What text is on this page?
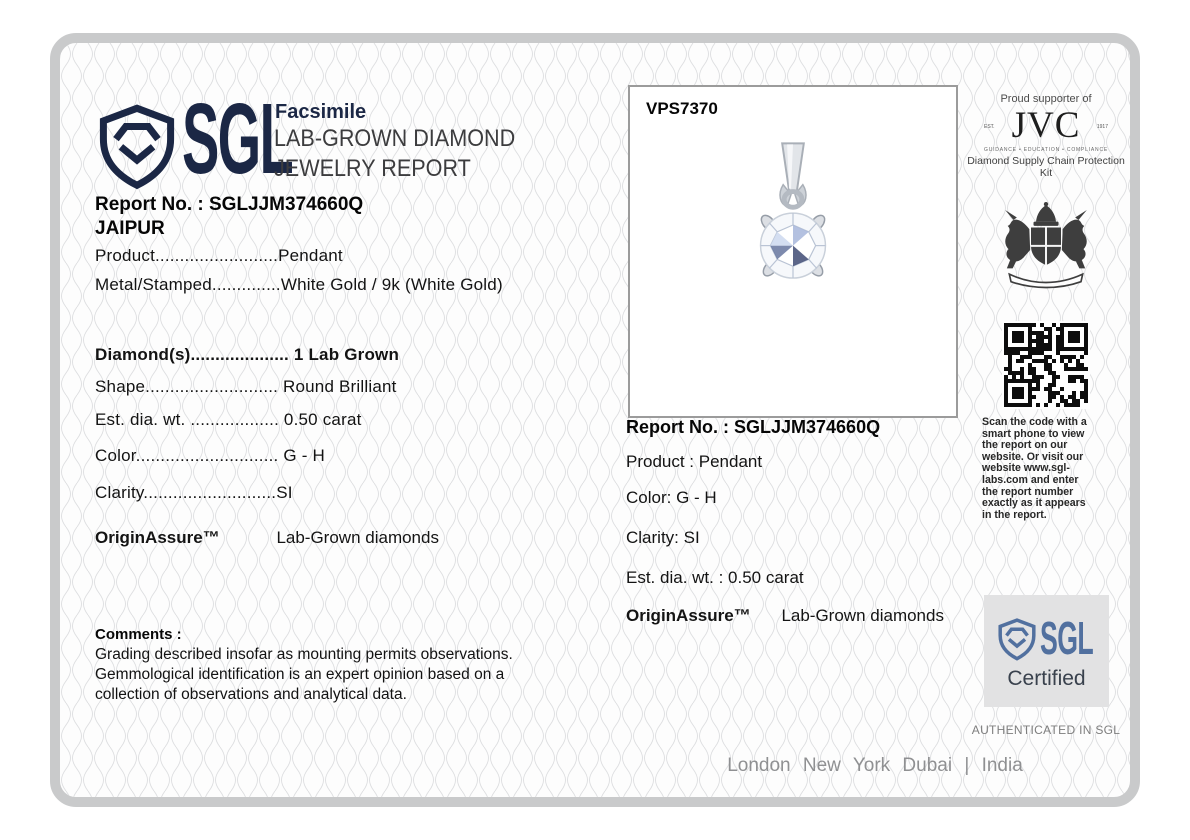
SGL
Facsimile
LAB-GROWN DIAMOND
JEWELRY REPORT
Report No. : SGLJJM374660Q
JAIPUR
Product.........................Pendant
Metal/Stamped..............White Gold / 9k (White Gold)
Diamond(s).................... 1 Lab Grown
Shape........................... Round Brilliant
Est. dia. wt. .................. 0.50 carat
Color............................. G - H
Clarity...........................SI
OriginAssure™	Lab-Grown diamonds
Comments :
Grading described insofar as mounting permits observations.
Gemmological identification is an expert opinion based on a
collection of observations and analytical data.
VPS7370
Report No. : SGLJJM374660Q
Product : Pendant
Color: G - H
Clarity: SI
Est. dia. wt. : 0.50 carat
OriginAssure™ Lab-Grown diamonds
Proud supporter of
EST. JVC	1917
GUIDANCE • EDUCATION • COMPLIANCE
Diamond Supply Chain Protection Kit
Scan the code with a
smart phone to view
the report on our
website. Or visit our
website www.sgl-
labs.com and enter
the report number
exactly as it appears
in the report.
SGL
Certified
AUTHENTICATED IN SGL
London New York Dubai | India
